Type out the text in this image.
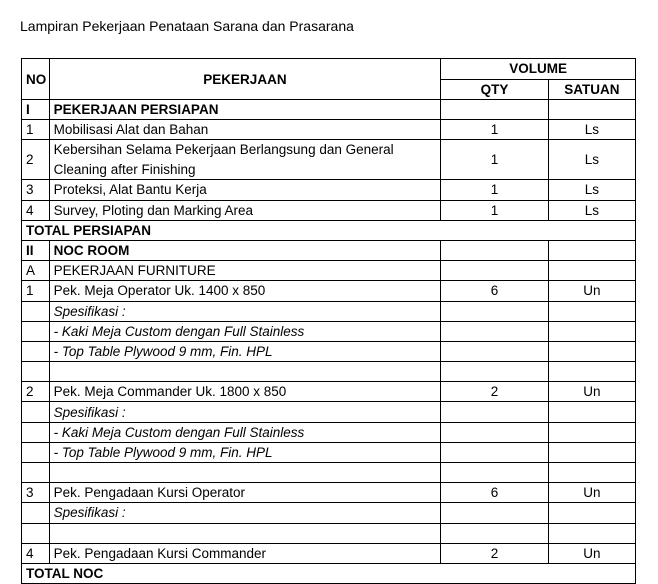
Lampiran Pekerjaan Penataan Sarana dan Prasarana
NO	PEKERJAAN	VOLUME	
		QTY	SATUAN
I	PEKERJAAN PERSIAPAN		
1	Mobilisasi Alat dan Bahan	1	Ls
2	Kebersihan Selama Pekerjaan Berlangsung dan General Cleaning after Finishing	1	Ls
3	Proteksi, Alat Bantu Kerja	1	Ls
4	Survey, Ploting dan Marking Area	1	Ls
TOTAL PERSIAPAN			
II	NOC ROOM		
A	PEKERJAAN FURNITURE		
1	Pek. Meja Operator Uk. 1400 x 850	6	Un
	Spesifikasi :		
	- Kaki Meja Custom dengan Full Stainless		
	- Top Table Plywood 9 mm, Fin. HPL		

2	Pek. Meja Commander Uk. 1800 x 850	2	Un
	Spesifikasi :		
	- Kaki Meja Custom dengan Full Stainless		
	- Top Table Plywood 9 mm, Fin. HPL		

3	Pek. Pengadaan Kursi Operator	6	Un
	Spesifikasi :		

4	Pek. Pengadaan Kursi Commander	2	Un
TOTAL NOC			
